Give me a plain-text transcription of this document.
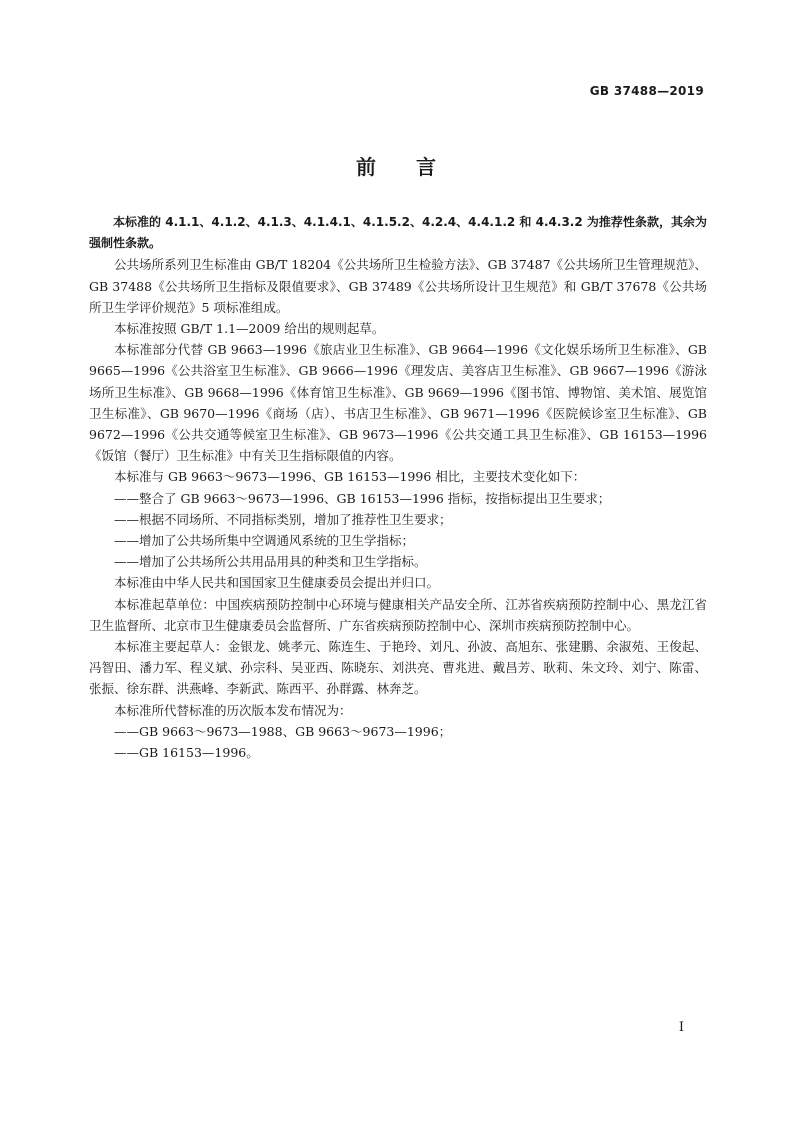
GB 37488—2019
前 言

本标准的 4.1.1、4.1.2、4.1.3、4.1.4.1、4.1.5.2、4.2.4、4.4.1.2 和 4.4.3.2 为推荐性条款，其余为强制性条款。

公共场所系列卫生标准由 GB/T 18204《公共场所卫生检验方法》、GB 37487《公共场所卫生管理规范》、GB 37488《公共场所卫生指标及限值要求》、GB 37489《公共场所设计卫生规范》和 GB/T 37678《公共场所卫生学评价规范》5 项标准组成。

本标准按照 GB/T 1.1—2009 给出的规则起草。

本标准部分代替 GB 9663—1996《旅店业卫生标准》、GB 9664—1996《文化娱乐场所卫生标准》、GB 9665—1996《公共浴室卫生标准》、GB 9666—1996《理发店、美容店卫生标准》、GB 9667—1996《游泳场所卫生标准》、GB 9668—1996《体育馆卫生标准》、GB 9669—1996《图书馆、博物馆、美术馆、展览馆卫生标准》、GB 9670—1996《商场（店）、书店卫生标准》、GB 9671—1996《医院候诊室卫生标准》、GB 9672—1996《公共交通等候室卫生标准》、GB 9673—1996《公共交通工具卫生标准》、GB 16153—1996《饭馆（餐厅）卫生标准》中有关卫生指标限值的内容。

本标准与 GB 9663～9673—1996、GB 16153—1996 相比，主要技术变化如下：

——整合了 GB 9663～9673—1996、GB 16153—1996 指标，按指标提出卫生要求；

——根据不同场所、不同指标类别，增加了推荐性卫生要求；

——增加了公共场所集中空调通风系统的卫生学指标；

——增加了公共场所公共用品用具的种类和卫生学指标。

本标准由中华人民共和国国家卫生健康委员会提出并归口。

本标准起草单位：中国疾病预防控制中心环境与健康相关产品安全所、江苏省疾病预防控制中心、黑龙江省卫生监督所、北京市卫生健康委员会监督所、广东省疾病预防控制中心、深圳市疾病预防控制中心。

本标准主要起草人：金银龙、姚孝元、陈连生、于艳玲、刘凡、孙波、高旭东、张建鹏、余淑苑、王俊起、冯智田、潘力军、程义斌、孙宗科、吴亚西、陈晓东、刘洪亮、曹兆进、戴昌芳、耿莉、朱文玲、刘宁、陈雷、张振、徐东群、洪燕峰、李新武、陈西平、孙群露、林奔芝。

本标准所代替标准的历次版本发布情况为：

——GB 9663～9673—1988、GB 9663～9673—1996；

——GB 16153—1996。

I
